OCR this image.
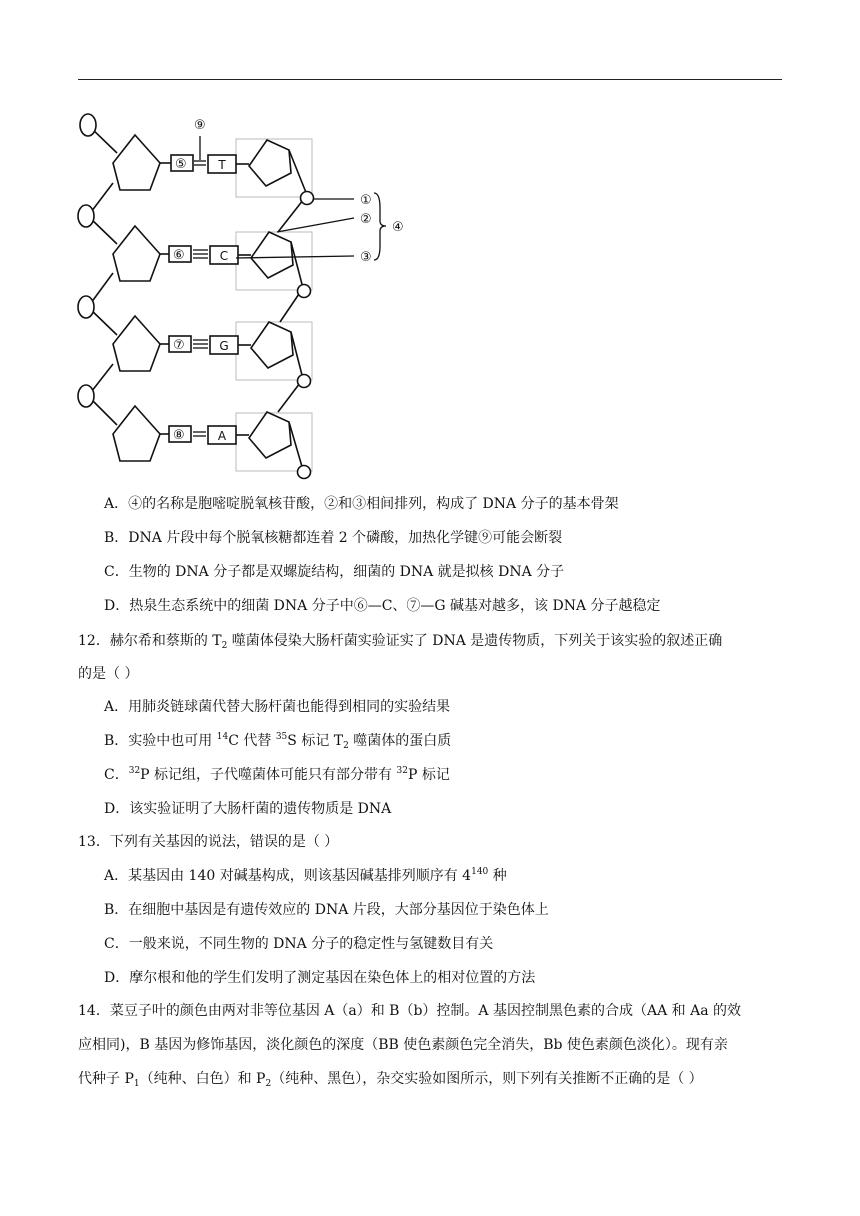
①
②
③
④
⑨
⑤
⑥
⑦
⑧
T
C
G
A
A．④的名称是胞嘧啶脱氧核苷酸，②和③相间排列，构成了 DNA 分子的基本骨架
B．DNA 片段中每个脱氧核糖都连着 2 个磷酸，加热化学键⑨可能会断裂
C．生物的 DNA 分子都是双螺旋结构，细菌的 DNA 就是拟核 DNA 分子
D．热泉生态系统中的细菌 DNA 分子中⑥—C、⑦—G 碱基对越多，该 DNA 分子越稳定
12．赫尔希和蔡斯的 $T_2$ 噬菌体侵染大肠杆菌实验证实了 DNA 是遗传物质，下列关于该实验的叙述正确
的是（ ）
A．用肺炎链球菌代替大肠杆菌也能得到相同的实验结果
B．实验中也可用 $^{14}$C 代替 $^{35}$S 标记 $T_2$ 噬菌体的蛋白质
C．$^{32}$P 标记组，子代噬菌体可能只有部分带有 $^{32}$P 标记
D．该实验证明了大肠杆菌的遗传物质是 DNA
13．下列有关基因的说法，错误的是（ ）
A．某基因由 140 对碱基构成，则该基因碱基排列顺序有 $4^{140}$ 种
B．在细胞中基因是有遗传效应的 DNA 片段，大部分基因位于染色体上
C．一般来说，不同生物的 DNA 分子的稳定性与氢键数目有关
D．摩尔根和他的学生们发明了测定基因在染色体上的相对位置的方法
14．菜豆子叶的颜色由两对非等位基因 A（a）和 B（b）控制。A 基因控制黑色素的合成（AA 和 Aa 的效
应相同)，B 基因为修饰基因，淡化颜色的深度（BB 使色素颜色完全消失，Bb 使色素颜色淡化）。现有亲
代种子 $P_1$（纯种、白色）和 $P_2$（纯种、黑色），杂交实验如图所示，则下列有关推断不正确的是（ ）
